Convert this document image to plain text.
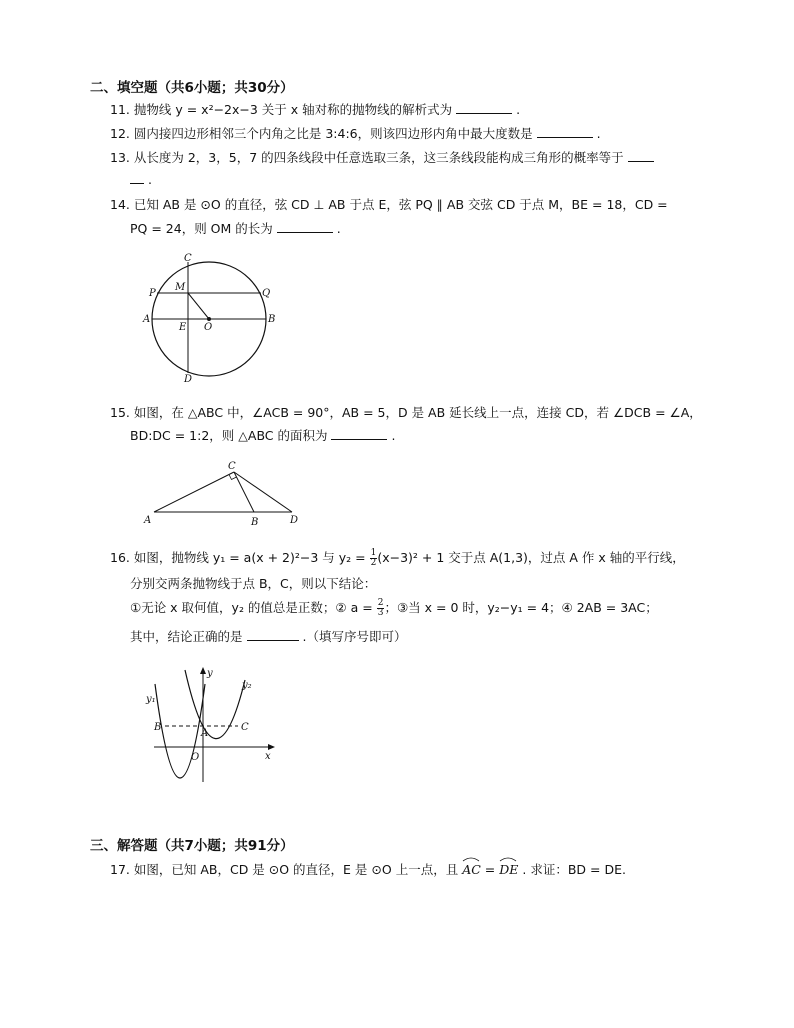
二、填空题（共6小题；共30分）
11. 抛物线 y = x²−2x−3 关于 x 轴对称的抛物线的解析式为	.
12. 圆内接四边形相邻三个内角之比是 3:4:6，则该四边形内角中最大度数是	.
13. 从长度为 2，3，5，7 的四条线段中任意选取三条，这三条线段能构成三角形的概率等于
.
14. 已知 AB 是 ⊙O 的直径，弦 CD ⊥ AB 于点 E，弦 PQ ∥ AB 交弦 CD 于点 M，BE = 18，CD =
PQ = 24，则 OM 的长为	.
C
M
P	Q
A
E O
B
D
15. 如图，在 △ABC 中，∠ACB = 90°，AB = 5，D 是 AB 延长线上一点，连接 CD，若 ∠DCB = ∠A，
BD:DC = 1:2，则 △ABC 的面积为	.
C
A	B	D
16.
如图，抛物线 y₁ = a(x + 2)²−3 与 y₂ =
$\frac{1}{2} (x-3)^2 + 1$ 交于点 A(1,3)，过点 A 作 x 轴的平行线，
分别交两条抛物线于点 B，C，则以下结论：
①无论 x 取何值，y₂ 的值总是正数；② a =
$\frac{2}{3}$ ；③当 x = 0 时，y₂−y₁ = 4；④ 2AB = 3AC；
其中，结论正确的是	.（填写序号即可）
y
x
y₁
y₂
B
A
C
O
三、解答题（共7小题；共91分）
17. 如图，已知 AB，CD 是 ⊙O 的直径，E 是 ⊙O 上一点，且 AC = DE . 求证：BD = DE.
